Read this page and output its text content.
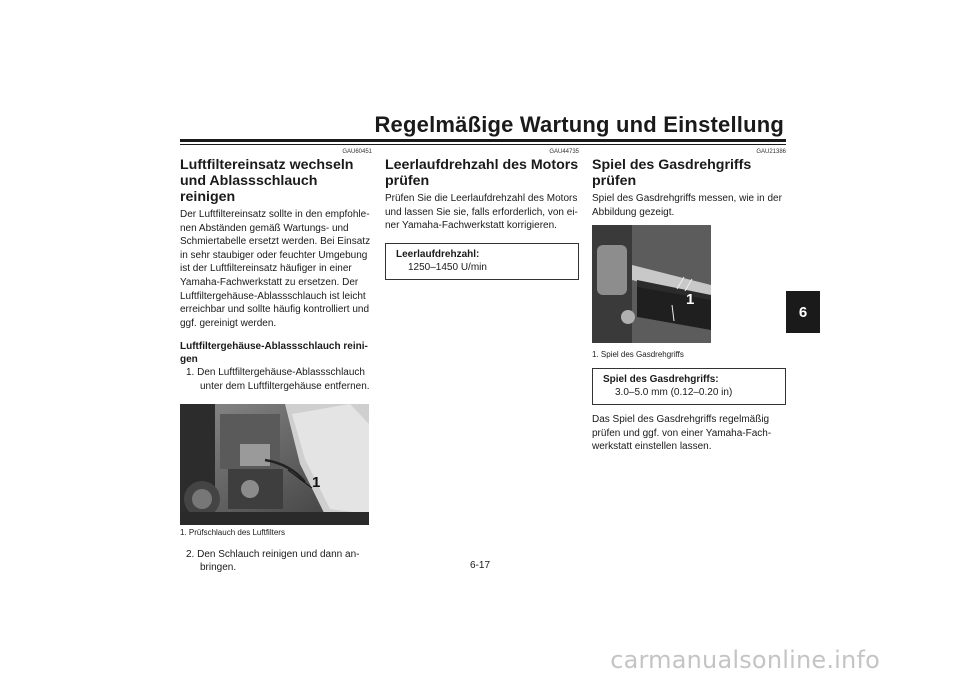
Regelmäßige Wartung und Einstellung
6
GAU60451
Luftfiltereinsatz wechseln und Ablassschlauch reinigen

Der Luftfiltereinsatz sollte in den empfohle-nen Abständen gemäß Wartungs- und Schmiertabelle ersetzt werden. Bei Einsatz in sehr staubiger oder feuchter Umgebung ist der Luftfiltereinsatz häufiger in einer Yamaha-Fachwerkstatt zu ersetzen. Der Luftfiltergehäuse-Ablassschlauch ist leicht erreichbar und sollte häufig kontrolliert und ggf. gereinigt werden.

Luftfiltergehäuse-Ablassschlauch reini-gen

1. Den Luftfiltergehäuse-Ablassschlauch unter dem Luftfiltergehäuse entfernen.

1

1. Prüfschlauch des Luftfilters

2. Den Schlauch reinigen und dann an-bringen.

GAU44735
Leerlaufdrehzahl des Motors prüfen

Prüfen Sie die Leerlaufdrehzahl des Motors und lassen Sie sie, falls erforderlich, von ei-ner Yamaha-Fachwerkstatt korrigieren.

Leerlaufdrehzahl:
1250–1450 U/min
GAU21386
Spiel des Gasdrehgriffs prüfen

Spiel des Gasdrehgriffs messen, wie in der Abbildung gezeigt.

1

1. Spiel des Gasdrehgriffs

Spiel des Gasdrehgriffs:
3.0–5.0 mm (0.12–0.20 in)

Das Spiel des Gasdrehgriffs regelmäßig prüfen und ggf. von einer Yamaha-Fach-werkstatt einstellen lassen.

6-17
carmanualsonline.info
